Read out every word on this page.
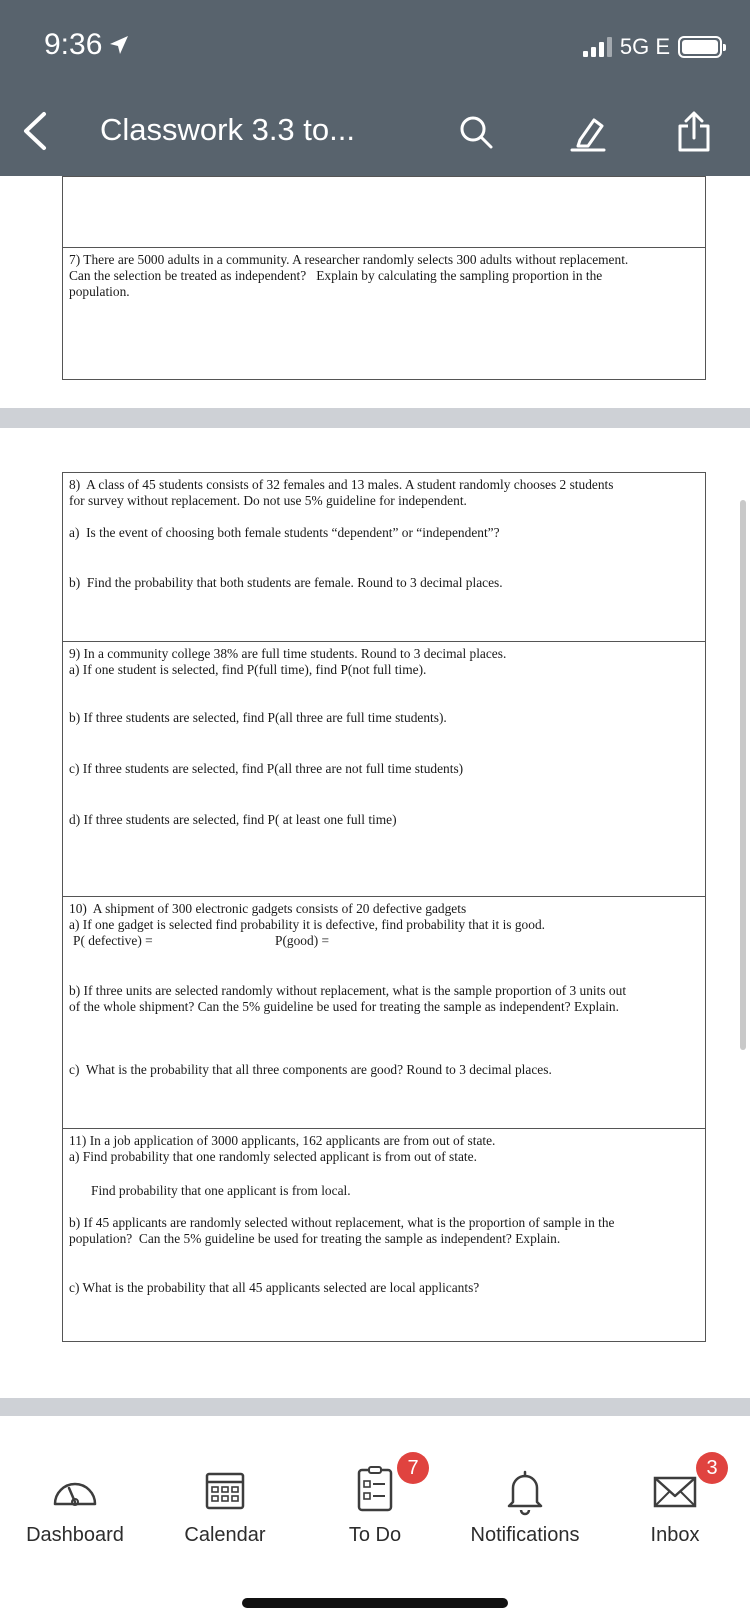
9:36	5G E
Classwork 3.3 to...
7) There are 5000 adults in a community. A researcher randomly selects 300 adults without replacement.
Can the selection be treated as independent?   Explain by calculating the sampling proportion in the
population.
8)  A class of 45 students consists of 32 females and 13 males. A student randomly chooses 2 students
for survey without replacement. Do not use 5% guideline for independent.
a)  Is the event of choosing both female students “dependent” or “independent”?
b)  Find the probability that both students are female. Round to 3 decimal places.
9) In a community college 38% are full time students. Round to 3 decimal places.
a) If one student is selected, find P(full time), find P(not full time).
b) If three students are selected, find P(all three are full time students).
c) If three students are selected, find P(all three are not full time students)
d) If three students are selected, find P( at least one full time)
10)  A shipment of 300 electronic gadgets consists of 20 defective gadgets
a) If one gadget is selected find probability it is defective, find probability that it is good.
P( defective) =	P(good) =
b) If three units are selected randomly without replacement, what is the sample proportion of 3 units out
of the whole shipment? Can the 5% guideline be used for treating the sample as independent? Explain.
c)  What is the probability that all three components are good? Round to 3 decimal places.
11) In a job application of 3000 applicants, 162 applicants are from out of state.
a) Find probability that one randomly selected applicant is from out of state.
Find probability that one applicant is from local.
b) If 45 applicants are randomly selected without replacement, what is the proportion of sample in the
population?  Can the 5% guideline be used for treating the sample as independent? Explain.
c) What is the probability that all 45 applicants selected are local applicants?
Dashboard	Calendar
7
To Do	Notifications
3
Inbox
